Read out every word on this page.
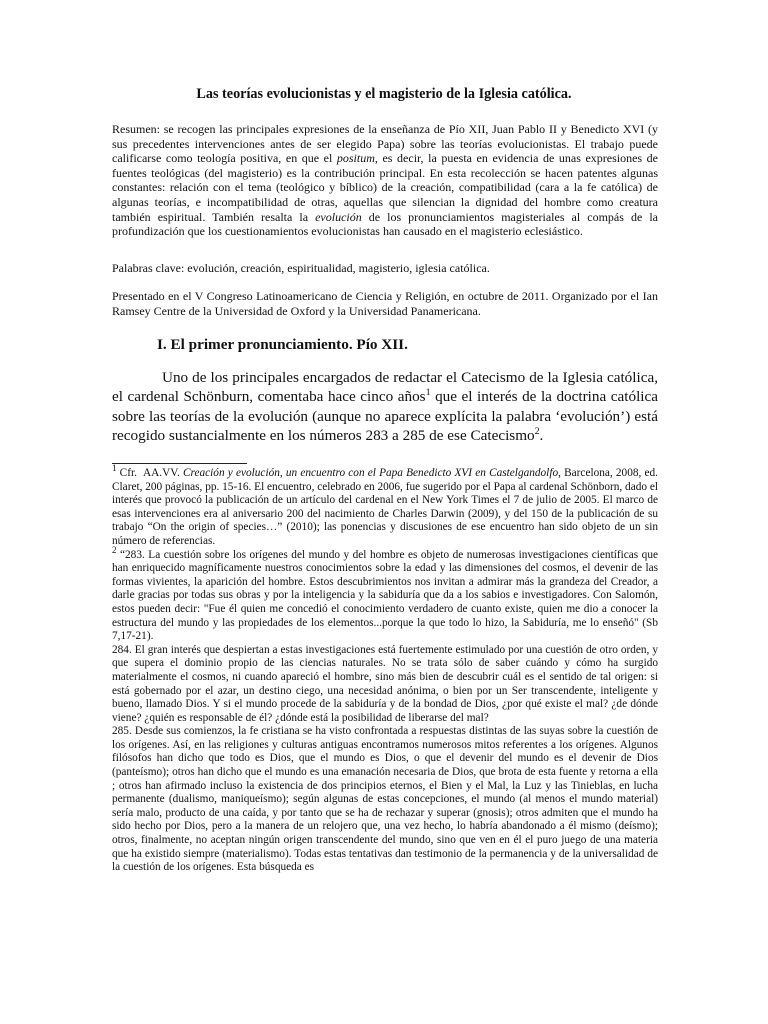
Las teorías evolucionistas y el magisterio de la Iglesia católica.

Resumen: se recogen las principales expresiones de la enseñanza de Pío XII, Juan Pablo II y Benedicto XVI (y sus precedentes intervenciones antes de ser elegido Papa) sobre las teorías evolucionistas. El trabajo puede calificarse como teología positiva, en que el positum, es decir, la puesta en evidencia de unas expresiones de fuentes teológicas (del magisterio) es la contribución principal. En esta recolección se hacen patentes algunas constantes: relación con el tema (teológico y bíblico) de la creación, compatibilidad (cara a la fe católica) de algunas teorías, e incompatibilidad de otras, aquellas que silencian la dignidad del hombre como creatura también espiritual. También resalta la evolución de los pronunciamientos magisteriales al compás de la profundización que los cuestionamientos evolucionistas han causado en el magisterio eclesiástico.

Palabras clave: evolución, creación, espiritualidad, magisterio, iglesia católica.

Presentado en el V Congreso Latinoamericano de Ciencia y Religión, en octubre de 2011. Organizado por el Ian Ramsey Centre de la Universidad de Oxford y la Universidad Panamericana.

I. El primer pronunciamiento. Pío XII.

Uno de los principales encargados de redactar el Catecismo de la Iglesia católica, el cardenal Schönburn, comentaba hace cinco años$^1$ que el interés de la doctrina católica sobre las teorías de la evolución (aunque no aparece explícita la palabra ‘evolución’) está recogido sustancialmente en los números 283 a 285 de ese Catecismo$^2$.

$^1$ Cfr. AA.VV. Creación y evolución, un encuentro con el Papa Benedicto XVI en Castelgandolfo, Barcelona, 2008, ed. Claret, 200 páginas, pp. 15-16. El encuentro, celebrado en 2006, fue sugerido por el Papa al cardenal Schönborn, dado el interés que provocó la publicación de un artículo del cardenal en el New York Times el 7 de julio de 2005. El marco de esas intervenciones era al aniversario 200 del nacimiento de Charles Darwin (2009), y del 150 de la publicación de su trabajo “On the origin of species…” (2010); las ponencias y discusiones de ese encuentro han sido objeto de un sin número de referencias.

$^2$ “283. La cuestión sobre los orígenes del mundo y del hombre es objeto de numerosas investigaciones científicas que han enriquecido magníficamente nuestros conocimientos sobre la edad y las dimensiones del cosmos, el devenir de las formas vivientes, la aparición del hombre. Estos descubrimientos nos invitan a admirar más la grandeza del Creador, a darle gracias por todas sus obras y por la inteligencia y la sabiduría que da a los sabios e investigadores. Con Salomón, estos pueden decir: "Fue él quien me concedió el conocimiento verdadero de cuanto existe, quien me dio a conocer la estructura del mundo y las propiedades de los elementos...porque la que todo lo hizo, la Sabiduría, me lo enseñó" (Sb 7,17-21).

284. El gran interés que despiertan a estas investigaciones está fuertemente estimulado por una cuestión de otro orden, y que supera el dominio propio de las ciencias naturales. No se trata sólo de saber cuándo y cómo ha surgido materialmente el cosmos, ni cuando apareció el hombre, sino más bien de descubrir cuál es el sentido de tal origen: si está gobernado por el azar, un destino ciego, una necesidad anónima, o bien por un Ser transcendente, inteligente y bueno, llamado Dios. Y si el mundo procede de la sabiduría y de la bondad de Dios, ¿por qué existe el mal? ¿de dónde viene? ¿quién es responsable de él? ¿dónde está la posibilidad de liberarse del mal?

285. Desde sus comienzos, la fe cristiana se ha visto confrontada a respuestas distintas de las suyas sobre la cuestión de los orígenes. Así, en las religiones y culturas antiguas encontramos numerosos mitos referentes a los orígenes. Algunos filósofos han dicho que todo es Dios, que el mundo es Dios, o que el devenir del mundo es el devenir de Dios (panteísmo); otros han dicho que el mundo es una emanación necesaria de Dios, que brota de esta fuente y retorna a ella ; otros han afirmado incluso la existencia de dos principios eternos, el Bien y el Mal, la Luz y las Tinieblas, en lucha permanente (dualismo, maniqueísmo); según algunas de estas concepciones, el mundo (al menos el mundo material) sería malo, producto de una caída, y por tanto que se ha de rechazar y superar (gnosis); otros admiten que el mundo ha sido hecho por Dios, pero a la manera de un relojero que, una vez hecho, lo habría abandonado a él mismo (deísmo); otros, finalmente, no aceptan ningún origen transcendente del mundo, sino que ven en él el puro juego de una materia que ha existido siempre (materialismo). Todas estas tentativas dan testimonio de la permanencia y de la universalidad de la cuestión de los orígenes. Esta búsqueda es
